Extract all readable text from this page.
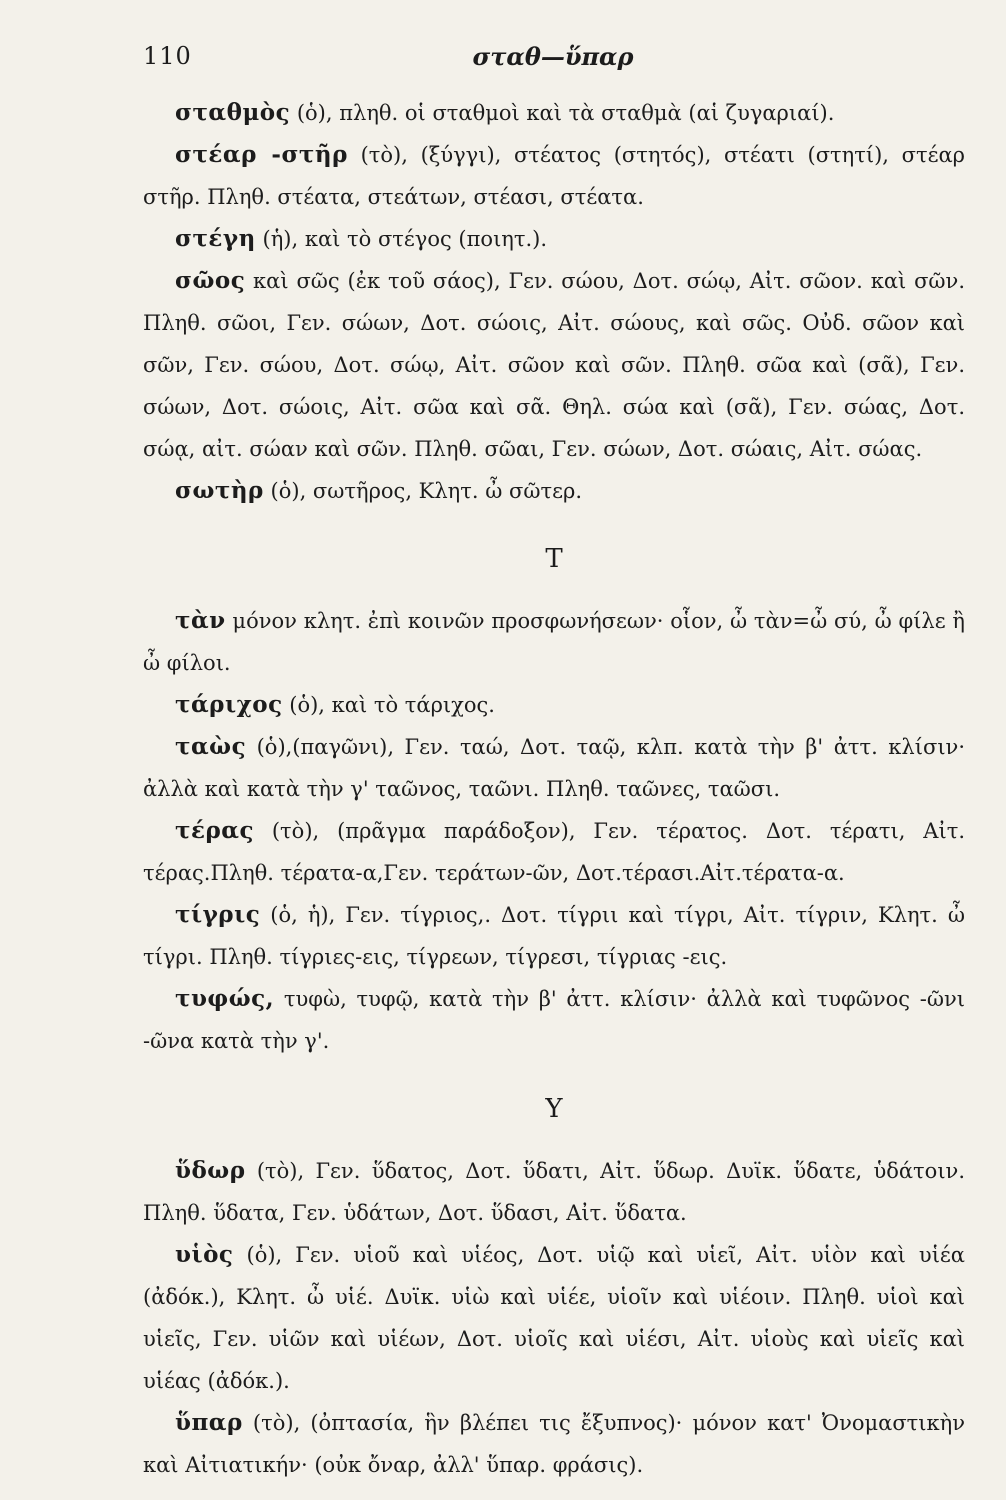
110	σταθ—ὕπαρ

σταθμὸς (ὁ), πληθ. οἱ σταθμοὶ καὶ τὰ σταθμὰ (αἱ ζυγαριαί).

στέαρ -στῆρ (τὸ), (ξύγγι), στέατος (στητός), στέατι (στητί), στέαρ στῆρ. Πληθ. στέατα, στεάτων, στέασι, στέατα.

στέγη (ἡ), καὶ τὸ στέγος (ποιητ.).

σῶος καὶ σῶς (ἐκ τοῦ σάος), Γεν. σώου, Δοτ. σώῳ, Αἰτ. σῶον. καὶ σῶν. Πληθ. σῶοι, Γεν. σώων, Δοτ. σώοις, Αἰτ. σώους, καὶ σῶς. Οὐδ. σῶον καὶ σῶν, Γεν. σώου, Δοτ. σώῳ, Αἰτ. σῶον καὶ σῶν. Πληθ. σῶα καὶ (σᾶ), Γεν. σώων, Δοτ. σώοις, Αἰτ. σῶα καὶ σᾶ. Θηλ. σώα καὶ (σᾶ), Γεν. σώας, Δοτ. σώᾳ, αἰτ. σώαν καὶ σῶν. Πληθ. σῶαι, Γεν. σώων, Δοτ. σώαις, Αἰτ. σώας.

σωτὴρ (ὁ), σωτῆρος, Κλητ. ὦ σῶτερ.

Τ

τὰν μόνον κλητ. ἐπὶ κοινῶν προσφωνήσεων· οἷον, ὦ τὰν=ὦ σύ, ὦ φίλε ἢ ὦ φίλοι.

τάριχος (ὁ), καὶ τὸ τάριχος.

ταὼς (ὁ),(παγῶνι), Γεν. ταώ, Δοτ. ταῷ, κλπ. κατὰ τὴν β' ἀττ. κλίσιν· ἀλλὰ καὶ κατὰ τὴν γ' ταῶνος, ταῶνι. Πληθ. ταῶνες, ταῶσι.

τέρας (τὸ), (πρᾶγμα παράδοξον), Γεν. τέρατος. Δοτ. τέρατι, Αἰτ. τέρας.Πληθ. τέρατα-α,Γεν. τεράτων-ῶν, Δοτ.τέρασι.Αἰτ.τέρατα-α.

τίγρις (ὁ, ἡ), Γεν. τίγριος,. Δοτ. τίγριι καὶ τίγρι, Αἰτ. τίγριν, Κλητ. ὦ τίγρι. Πληθ. τίγριες-εις, τίγρεων, τίγρεσι, τίγριας -εις.

τυφώς, τυφὼ, τυφῷ, κατὰ τὴν β' ἀττ. κλίσιν· ἀλλὰ καὶ τυφῶνος -ῶνι -ῶνα κατὰ τὴν γ'.

Υ

ὕδωρ (τὸ), Γεν. ὕδατος, Δοτ. ὕδατι, Αἰτ. ὕδωρ. Δυϊκ. ὕδατε, ὑδάτοιν. Πληθ. ὕδατα, Γεν. ὑδάτων, Δοτ. ὕδασι, Αἰτ. ὕδατα.

υἱὸς (ὁ), Γεν. υἱοῦ καὶ υἱέος, Δοτ. υἱῷ καὶ υἱεῖ, Αἰτ. υἱὸν καὶ υἱέα (ἀδόκ.), Κλητ. ὦ υἱέ. Δυϊκ. υἱὼ καὶ υἱέε, υἱοῖν καὶ υἱέοιν. Πληθ. υἱοὶ καὶ υἱεῖς, Γεν. υἱῶν καὶ υἱέων, Δοτ. υἱοῖς καὶ υἱέσι, Αἰτ. υἱοὺς καὶ υἱεῖς καὶ υἱέας (ἀδόκ.).

ὕπαρ (τὸ), (ὀπτασία, ἣν βλέπει τις ἔξυπνος)· μόνον κατ' Ὀνομαστικὴν καὶ Αἰτιατικήν· (οὐκ ὄναρ, ἀλλ' ὕπαρ. φράσις).
